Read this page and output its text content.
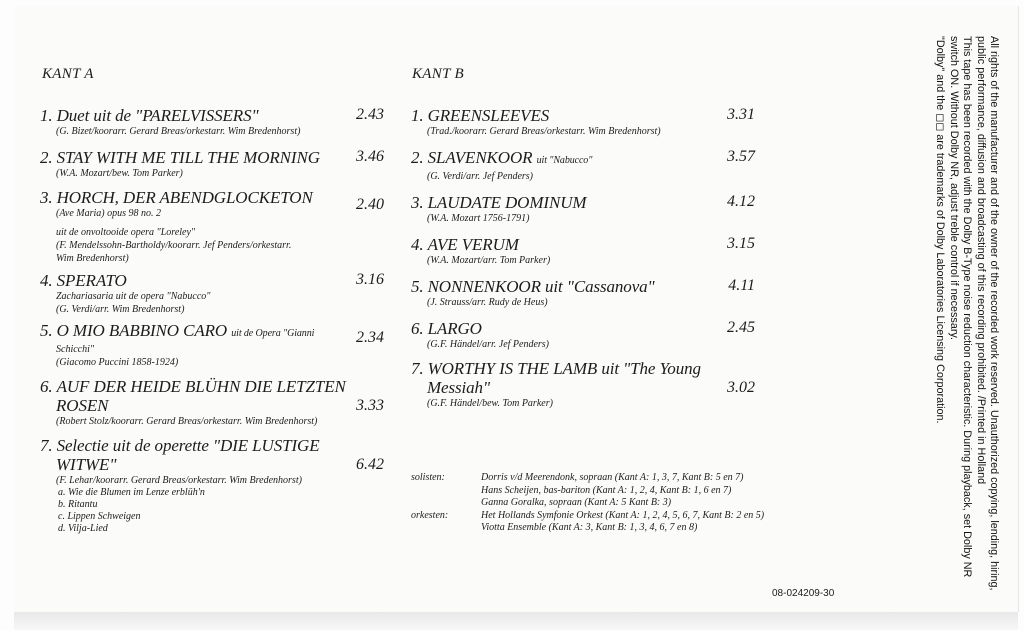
KANT A	KANT B
1. Duet uit de "PARELVISSERS"	2.43
(G. Bizet/koorarr. Gerard Breas/orkestarr. Wim Bredenhorst)
2. STAY WITH ME TILL THE MORNING	3.46
(W.A. Mozart/bew. Tom Parker)
3. HORCH, DER ABENDGLOCKETON	2.40
(Ave Maria) opus 98 no. 2
uit de onvoltooide opera "Loreley"
(F. Mendelssohn-Bartholdy/koorarr. Jef Penders/orkestarr.
Wim Bredenhorst)
4. SPERATO	3.16
Zachariasaria uit de opera "Nabucco"
(G. Verdi/arr. Wim Bredenhorst)
5. O MIO BABBINO CARO uit de Opera "Gianni	2.34
Schicchi"
(Giacomo Puccini 1858-1924)
6. AUF DER HEIDE BLÜHN DIE LETZTEN
ROSEN	3.33
(Robert Stolz/koorarr. Gerard Breas/orkestarr. Wim Bredenhorst)
7. Selectie uit de operette "DIE LUSTIGE
WITWE"	6.42
(F. Lehar/koorarr. Gerard Breas/orkestarr. Wim Bredenhorst)
a. Wie die Blumen im Lenze erblüh'n
b. Ritantu
c. Lippen Schweigen
d. Vilja-Lied
1. GREENSLEEVES	3.31
(Trad./koorarr. Gerard Breas/orkestarr. Wim Bredenhorst)
2. SLAVENKOOR uit "Nabucco"	3.57
(G. Verdi/arr. Jef Penders)
3. LAUDATE DOMINUM	4.12
(W.A. Mozart 1756-1791)
4. AVE VERUM	3.15
(W.A. Mozart/arr. Tom Parker)
5. NONNENKOOR uit "Cassanova"	4.11
(J. Strauss/arr. Rudy de Heus)
6. LARGO	2.45
(G.F. Händel/arr. Jef Penders)
7. WORTHY IS THE LAMB uit "The Young
Messiah"	3.02
(G.F. Händel/bew. Tom Parker)
solisten:	Dorris v/d Meerendonk, sopraan (Kant A: 1, 3, 7, Kant B: 5 en 7)
Hans Scheijen, bas-bariton (Kant A: 1, 2, 4, Kant B: 1, 6 en 7)
Ganna Goralka, sopraan (Kant A: 5 Kant B: 3)
orkesten:	Het Hollands Symfonie Orkest (Kant A: 1, 2, 4, 5, 6, 7, Kant B: 2 en 5)
Viotta Ensemble (Kant A: 3, Kant B: 1, 3, 4, 6, 7 en 8)
08-024209-30

All rights of the manufacturer and of the owner of the recorded work reserved. Unauthorized copying, lending, hiring, public performance, diffusion and broadcasting of this recording prohibited. /Printed in Holland

This tape has been recorded with the Dolby B-Type noise reduction characteristic. During playback, set Dolby NR switch ON. Without Dolby NR, adjust treble control if necessary.

"Dolby" and the ◻◻ are trademarks of Dolby Laboratories Licensing Corporation.
